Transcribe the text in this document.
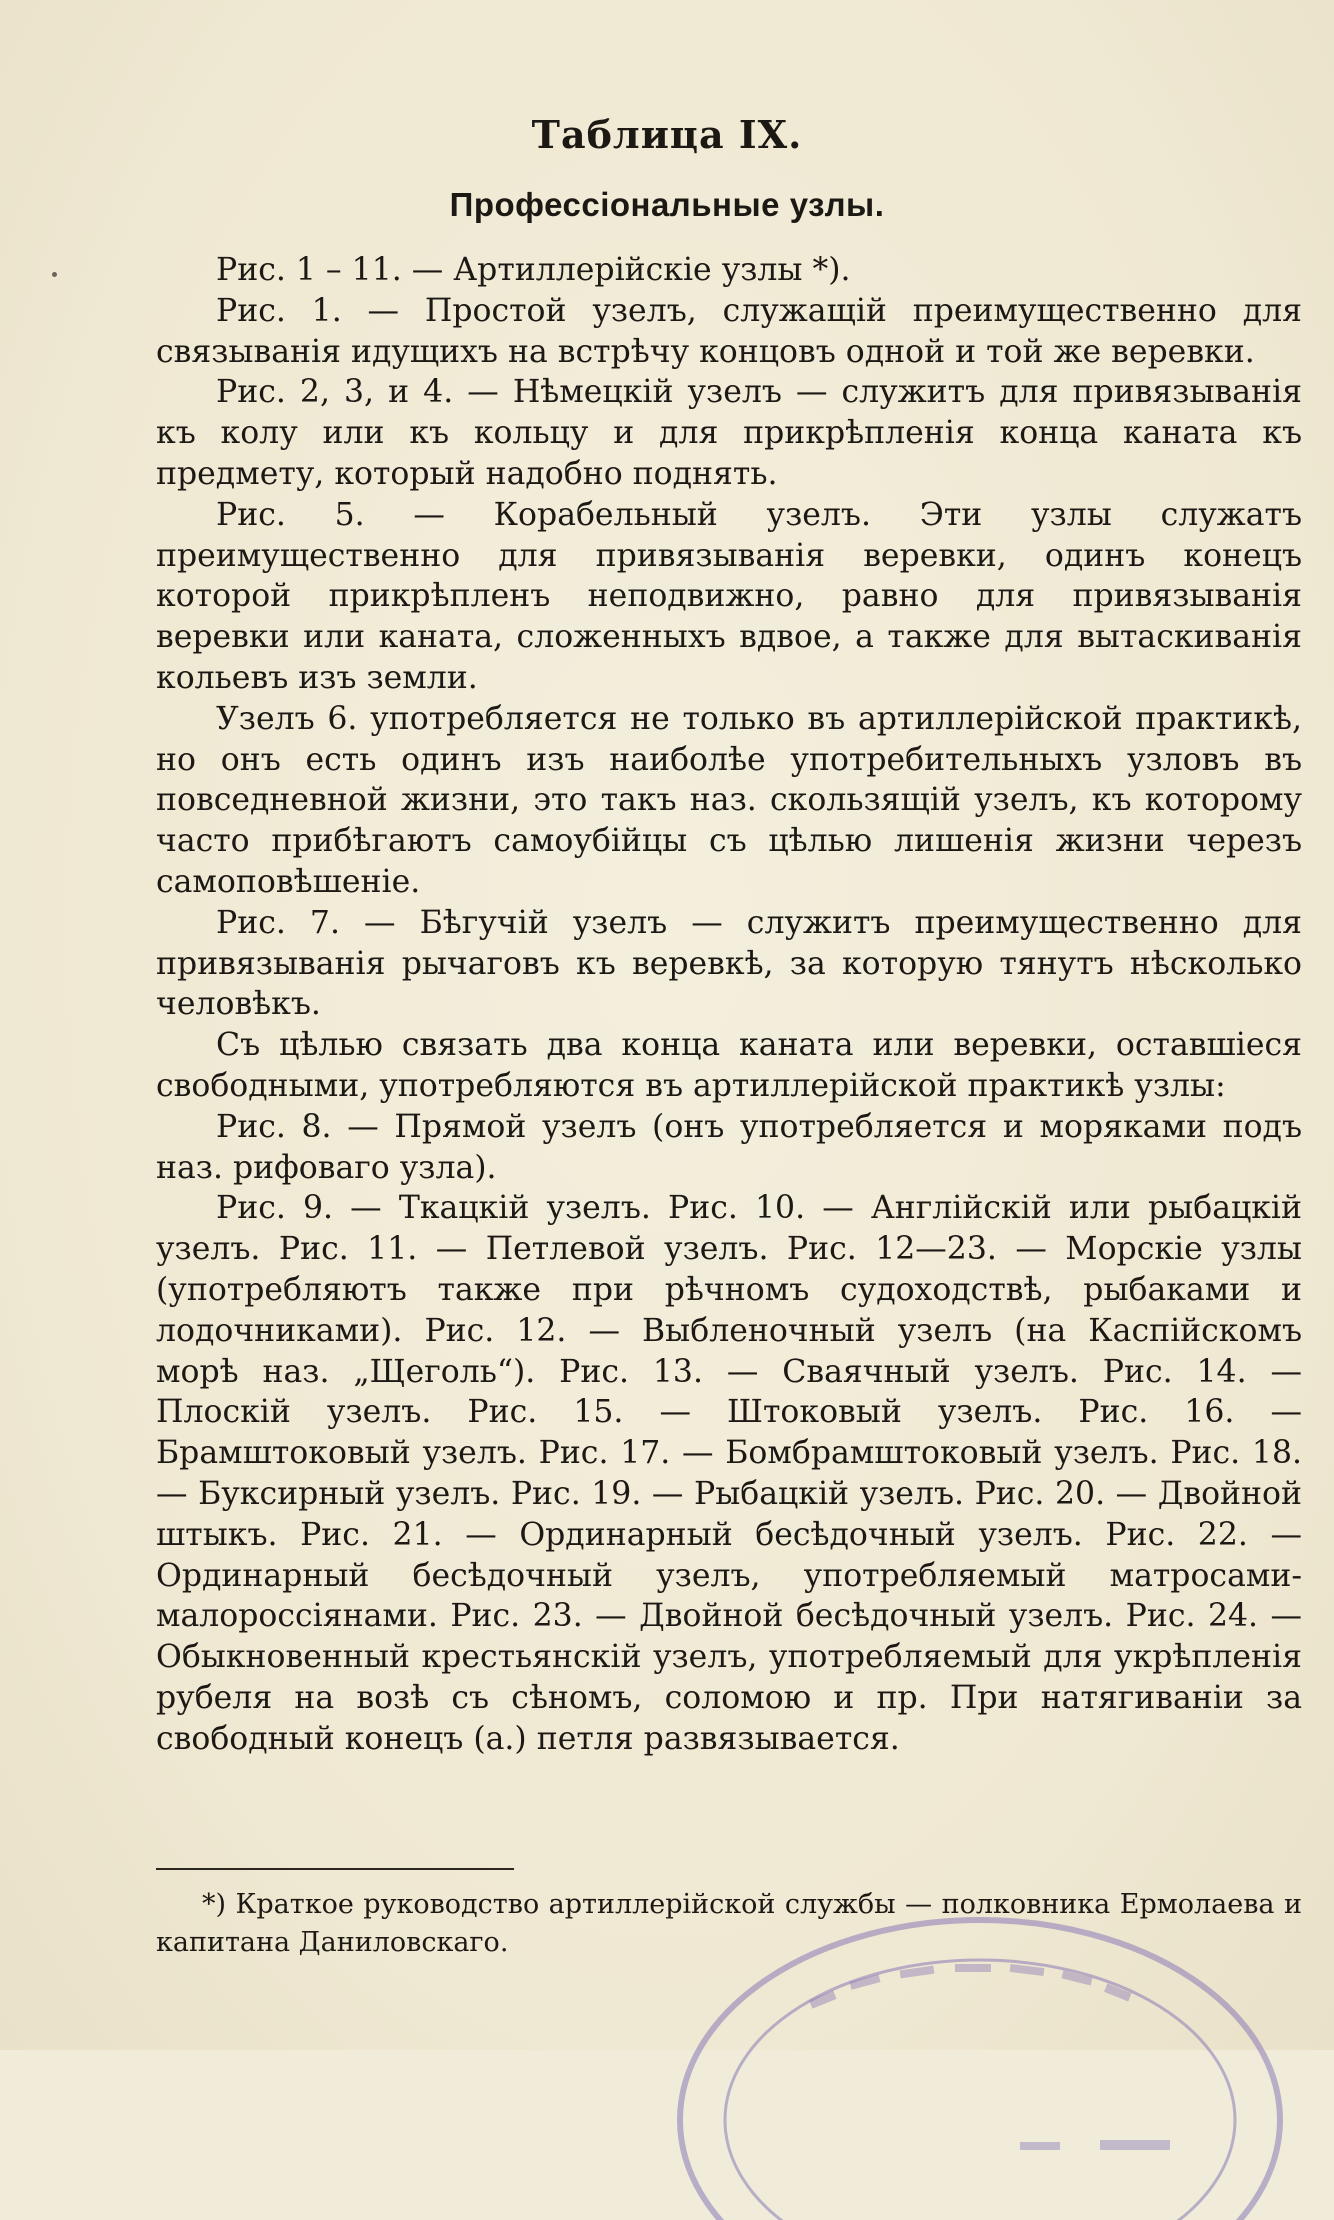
Таблица IX.
Профессіональные узлы.

Рис. 1 – 11. — Артиллерійскіе узлы *).

Рис. 1. — Простой узелъ, служащій преимущественно для связыванія идущихъ на встрѣчу концовъ одной и той же веревки.

Рис. 2, 3, и 4. — Нѣмецкій узелъ — служитъ для привязыванія къ колу или къ кольцу и для прикрѣпленія конца каната къ предмету, который надобно поднять.

Рис. 5. — Корабельный узелъ. Эти узлы служатъ преимущественно для привязыванія веревки, одинъ конецъ которой прикрѣпленъ неподвижно, равно для привязыванія веревки или каната, сложенныхъ вдвое, а также для вытаскиванія кольевъ изъ земли.

Узелъ 6. употребляется не только въ артиллерійской практикѣ, но онъ есть одинъ изъ наиболѣе употребительныхъ узловъ въ повседневной жизни, это такъ наз. скользящій узелъ, къ которому часто прибѣгаютъ самоубійцы съ цѣлью лишенія жизни черезъ самоповѣшеніе.

Рис. 7. — Бѣгучій узелъ — служитъ преимущественно для привязыванія рычаговъ къ веревкѣ, за которую тянутъ нѣсколько человѣкъ.

Съ цѣлью связать два конца каната или веревки, оставшіеся свободными, употребляются въ артиллерійской практикѣ узлы:

Рис. 8. — Прямой узелъ (онъ употребляется и моряками подъ наз. рифоваго узла).

Рис. 9. — Ткацкій узелъ. Рис. 10. — Англійскій или рыбацкій узелъ. Рис. 11. — Петлевой узелъ. Рис. 12—23. — Морскіе узлы (употребляютъ также при рѣчномъ судоходствѣ, рыбаками и лодочниками). Рис. 12. — Выбленочный узелъ (на Каспійскомъ морѣ наз. „Щеголь“). Рис. 13. — Сваячный узелъ. Рис. 14. — Плоскій узелъ. Рис. 15. — Штоковый узелъ. Рис. 16. — Брамштоковый узелъ. Рис. 17. — Бомбрамштоковый узелъ. Рис. 18. — Буксирный узелъ. Рис. 19. — Рыбацкій узелъ. Рис. 20. — Двойной штыкъ. Рис. 21. — Ординарный бесѣдочный узелъ. Рис. 22. — Ординарный бесѣдочный узелъ, употребляемый матросами-малороссіянами. Рис. 23. — Двойной бесѣдочный узелъ. Рис. 24. — Обыкновенный крестьянскій узелъ, употребляемый для укрѣпленія рубеля на возѣ съ сѣномъ, соломою и пр. При натягиваніи за свободный конецъ (а.) петля развязывается.

*) Краткое руководство артиллерійской службы — полковника Ермолаева и капитана Даниловскаго.
